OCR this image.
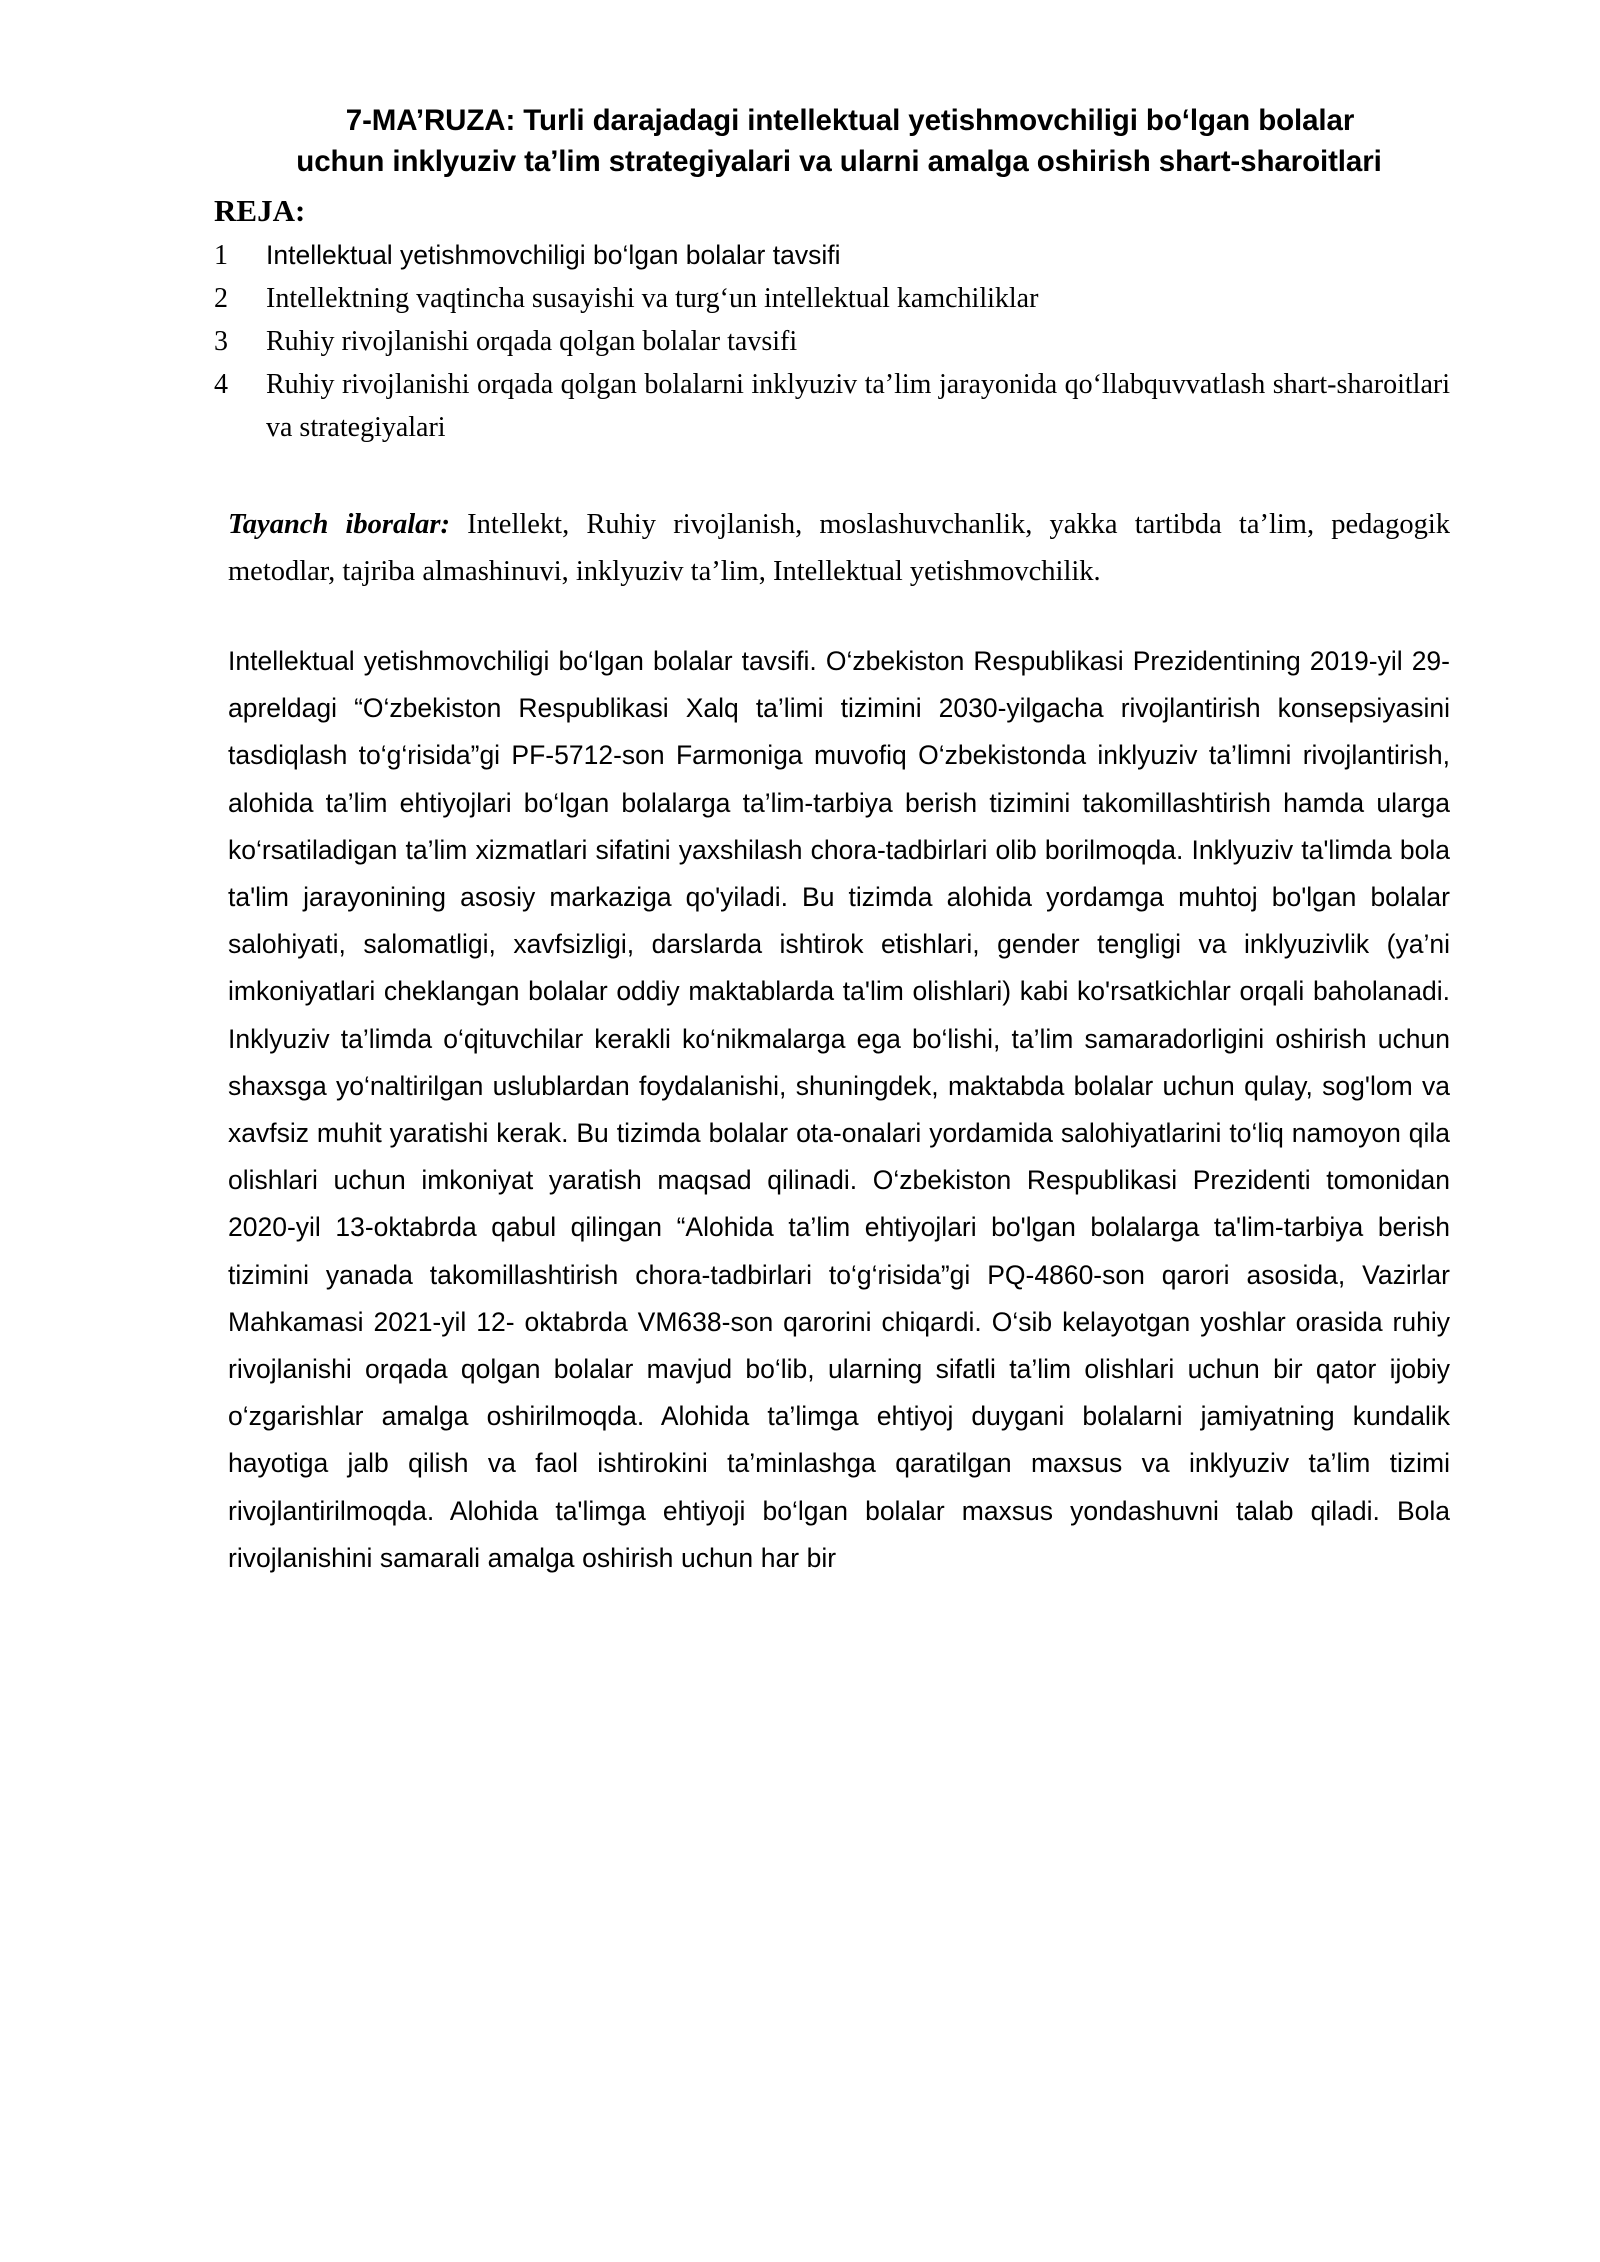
7-MA’RUZA: Turli darajadagi intellektual yetishmovchiligi bo‘lgan bolalar
uchun inklyuziv ta’lim strategiyalari va ularni amalga oshirish shart-sharoitlari
REJA:
1	Intellektual yetishmovchiligi bo‘lgan bolalar tavsifi
2	Intellektning vaqtincha susayishi va turg‘un intellektual kamchiliklar
3	Ruhiy rivojlanishi orqada qolgan bolalar tavsifi
4	Ruhiy rivojlanishi orqada qolgan bolalarni inklyuziv ta’lim jarayonida qo‘llabquvvatlash shart-sharoitlari va strategiyalari

Tayanch iboralar: Intellekt, Ruhiy rivojlanish, moslashuvchanlik, yakka tartibda ta’lim, pedagogik metodlar, tajriba almashinuvi, inklyuziv ta’lim, Intellektual yetishmovchilik.

Intellektual yetishmovchiligi bo‘lgan bolalar tavsifi. O‘zbekiston Respublikasi Prezidentining 2019-yil 29-apreldagi “O‘zbekiston Respublikasi Xalq ta’limi tizimini 2030-yilgacha rivojlantirish konsepsiyasini tasdiqlash to‘g‘risida”gi PF-5712-son Farmoniga muvofiq O‘zbekistonda inklyuziv ta’limni rivojlantirish, alohida ta’lim ehtiyojlari bo‘lgan bolalarga ta’lim-tarbiya berish tizimini takomillashtirish hamda ularga ko‘rsatiladigan ta’lim xizmatlari sifatini yaxshilash chora-tadbirlari olib borilmoqda. Inklyuziv ta'limda bola ta'lim jarayonining asosiy markaziga qo'yiladi. Bu tizimda alohida yordamga muhtoj bo'lgan bolalar salohiyati, salomatligi, xavfsizligi, darslarda ishtirok etishlari, gender tengligi va inklyuzivlik (ya’ni imkoniyatlari cheklangan bolalar oddiy maktablarda ta'lim olishlari) kabi ko'rsatkichlar orqali baholanadi. Inklyuziv ta’limda o‘qituvchilar kerakli ko‘nikmalarga ega bo‘lishi, ta’lim samaradorligini oshirish uchun shaxsga yo‘naltirilgan uslublardan foydalanishi, shuningdek, maktabda bolalar uchun qulay, sog'lom va xavfsiz muhit yaratishi kerak. Bu tizimda bolalar ota-onalari yordamida salohiyatlarini to‘liq namoyon qila olishlari uchun imkoniyat yaratish maqsad qilinadi. O‘zbekiston Respublikasi Prezidenti tomonidan 2020-yil 13-oktabrda qabul qilingan “Alohida ta’lim ehtiyojlari bo'lgan bolalarga ta'lim-tarbiya berish tizimini yanada takomillashtirish chora-tadbirlari to‘g‘risida”gi PQ-4860-son qarori asosida, Vazirlar Mahkamasi 2021-yil 12- oktabrda VM638-son qarorini chiqardi. O‘sib kelayotgan yoshlar orasida ruhiy rivojlanishi orqada qolgan bolalar mavjud bo‘lib, ularning sifatli ta’lim olishlari uchun bir qator ijobiy o‘zgarishlar amalga oshirilmoqda. Alohida ta’limga ehtiyoj duygani bolalarni jamiyatning kundalik hayotiga jalb qilish va faol ishtirokini ta’minlashga qaratilgan maxsus va inklyuziv ta’lim tizimi rivojlantirilmoqda. Alohida ta'limga ehtiyoji bo‘lgan bolalar maxsus yondashuvni talab qiladi. Bola rivojlanishini samarali amalga oshirish uchun har bir
